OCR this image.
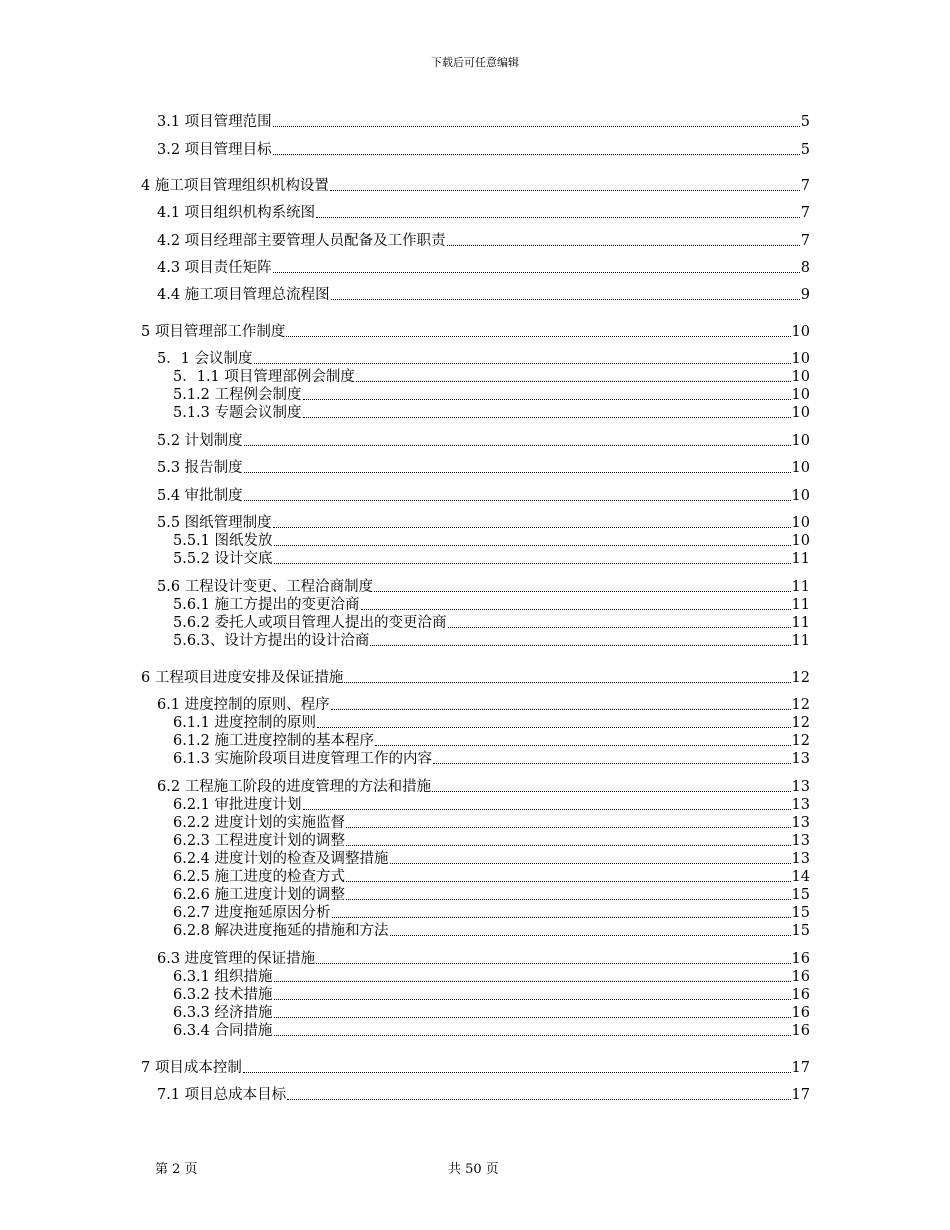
下载后可任意编辑
3.1 项目管理范围	5
3.2 项目管理目标	5
4 施工项目管理组织机构设置	7
4.1 项目组织机构系统图	7
4.2 项目经理部主要管理人员配备及工作职责	7
4.3 项目责任矩阵	8
4.4 施工项目管理总流程图	9
5 项目管理部工作制度	10
5．1 会议制度	10
5．1.1 项目管理部例会制度	10
5.1.2 工程例会制度	10
5.1.3 专题会议制度	10
5.2 计划制度	10
5.3 报告制度	10
5.4 审批制度	10
5.5 图纸管理制度	10
5.5.1 图纸发放	10
5.5.2 设计交底	11
5.6 工程设计变更、工程洽商制度	11
5.6.1 施工方提出的变更洽商	11
5.6.2 委托人或项目管理人提出的变更洽商	11
5.6.3、设计方提出的设计洽商	11
6 工程项目进度安排及保证措施	12
6.1 进度控制的原则、程序	12
6.1.1 进度控制的原则	12
6.1.2 施工进度控制的基本程序	12
6.1.3 实施阶段项目进度管理工作的内容	13
6.2 工程施工阶段的进度管理的方法和措施	13
6.2.1 审批进度计划	13
6.2.2 进度计划的实施监督	13
6.2.3 工程进度计划的调整	13
6.2.4 进度计划的检查及调整措施	13
6.2.5 施工进度的检查方式	14
6.2.6 施工进度计划的调整	15
6.2.7 进度拖延原因分析	15
6.2.8 解决进度拖延的措施和方法	15
6.3 进度管理的保证措施	16
6.3.1 组织措施	16
6.3.2 技术措施	16
6.3.3 经济措施	16
6.3.4 合同措施	16
7 项目成本控制	17
7.1 项目总成本目标	17
第 2 页	共 50 页
